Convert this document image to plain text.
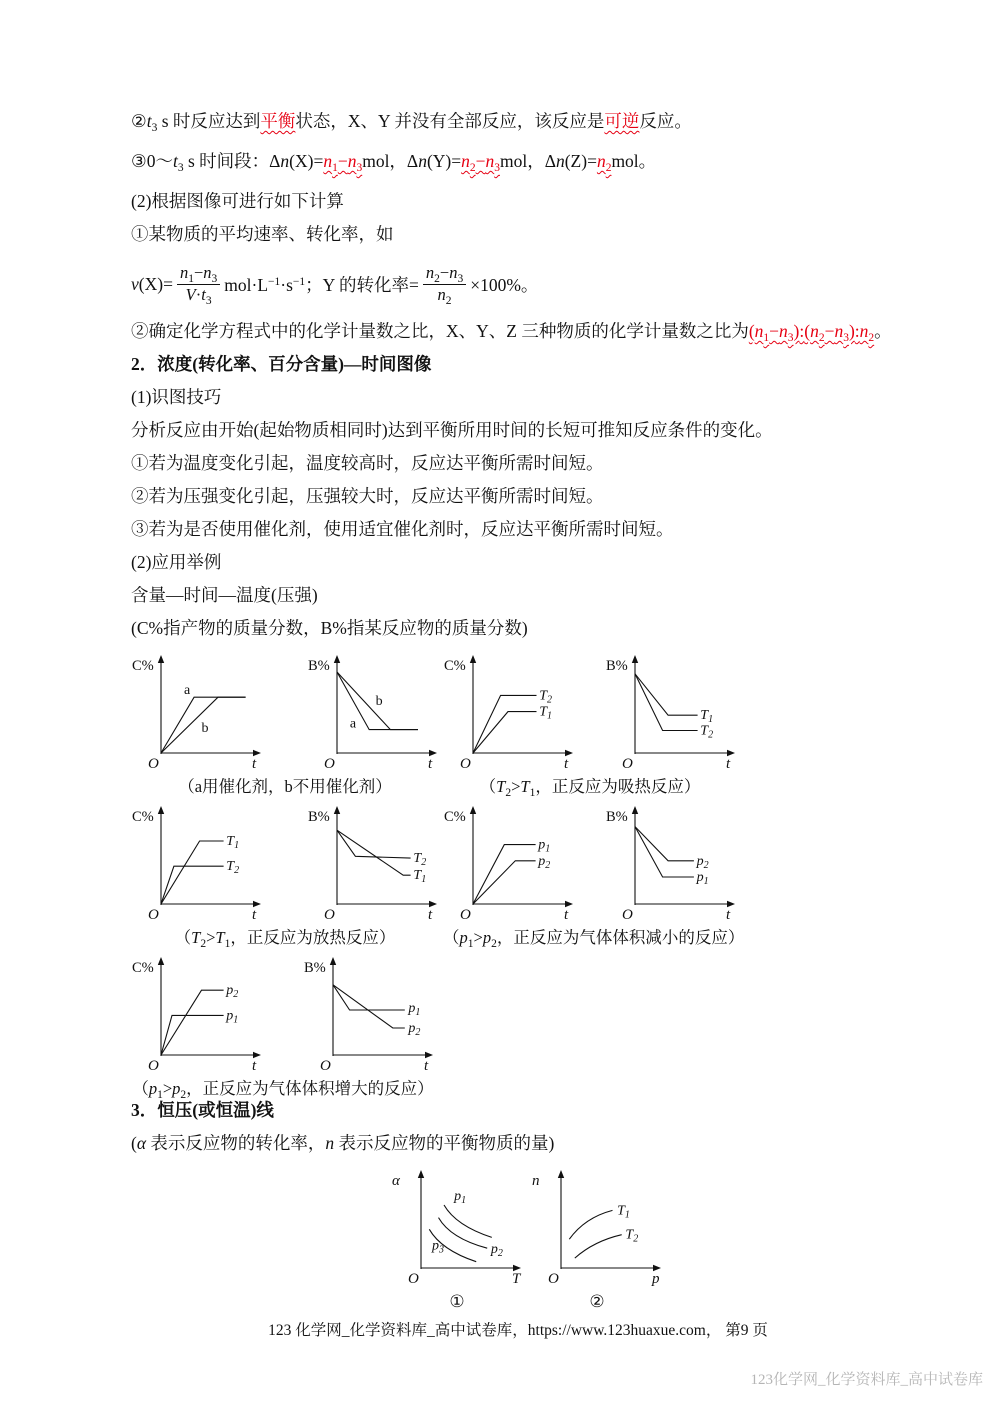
$②t_3$ s 时反应达到平衡状态，X、Y 并没有全部反应，该反应是可逆反应。

$③0\sim t_3$ s 时间段：$\Delta n(X)=n_1-n_3mol$，$\Delta n(Y)=n_2-n_3mol$，$\Delta n(Z)=n_2mol$。

(2)根据图像可进行如下计算

①某物质的平均速率、转化率，如

$v(X)= \frac{n_1-n_3}{V\cdot t_3} mol\cdot L^{-1}\cdot s^{-1}$；Y 的转化率= $\frac{n_2-n_3}{n_2} \times 100\%$。

②确定化学方程式中的化学计量数之比，X、Y、Z 三种物质的化学计量数之比为$(n_1-n_3):(n_2-n_3):n_2$。

2．浓度(转化率、百分含量)—时间图像

(1)识图技巧

分析反应由开始(起始物质相同时)达到平衡所用时间的长短可推知反应条件的变化。

①若为温度变化引起，温度较高时，反应达平衡所需时间短。

②若为压强变化引起，压强较大时，反应达平衡所需时间短。

③若为是否使用催化剂，使用适宜催化剂时，反应达平衡所需时间短。

(2)应用举例

含量—时间—温度(压强)

(C%指产物的质量分数，B%指某反应物的质量分数)

C%
t
O
a
b
B%
t
O
b
a
（a用催化剂，b不用催化剂）
C%
t
O
$T_2$
$T_1$
B%
t
O
$T_1$
$T_2$
（$T_2>T_1$，正反应为吸热反应）
C%
t
O
$T_1$
$T_2$
B%
t
O
$T_2$
$T_1$
（$T_2>T_1$，正反应为放热反应）
C%
t
O
$p_1$
$p_2$
B%
t
O
$p_2$
$p_1$
（$p_1>p_2$，正反应为气体体积减小的反应）
C%
t
O
$p_2$
$p_1$
B%
t
O
$p_1$
$p_2$
（$p_1>p_2$，正反应为气体体积增大的反应）

3．恒压(或恒温)线

(α 表示反应物的转化率，n 表示反应物的平衡物质的量)

α
T
O
$p_1$
$p_2$
$p_3$
①
n
p
O
$T_1$
$T_2$
②
123 化学网_化学资料库_高中试卷库，https://www.123huaxue.com， 第9 页
123化学网_化学资料库_高中试卷库
